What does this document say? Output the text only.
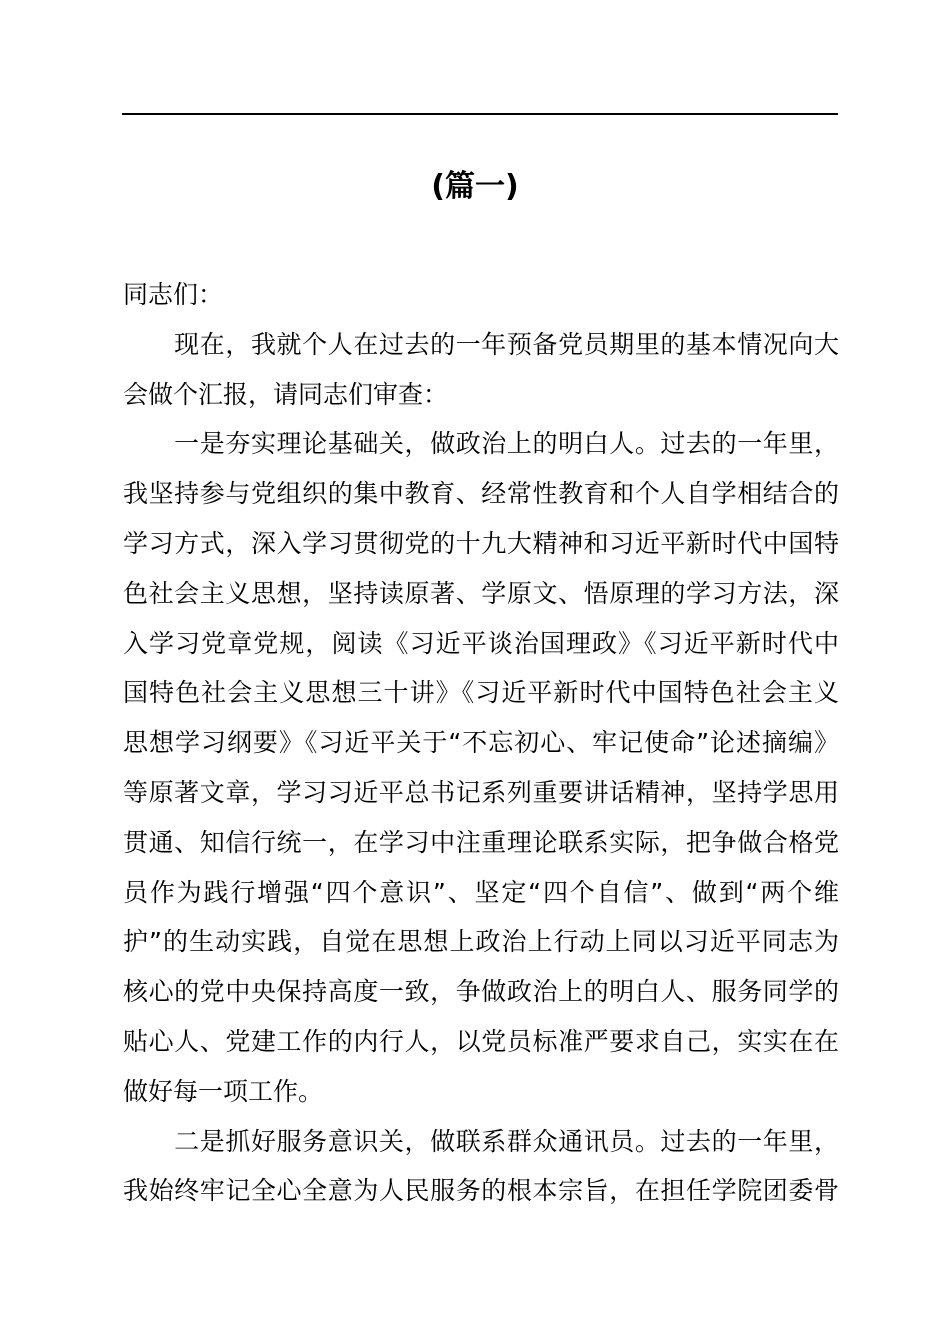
(篇一)
同志们：
　　现在，我就个人在过去的一年预备党员期里的基本情况向大
会做个汇报，请同志们审查：
　　一是夯实理论基础关，做政治上的明白人。过去的一年里，
我坚持参与党组织的集中教育、经常性教育和个人自学相结合的
学习方式，深入学习贯彻党的十九大精神和习近平新时代中国特
色社会主义思想，坚持读原著、学原文、悟原理的学习方法，深
入学习党章党规，阅读《习近平谈治国理政》《习近平新时代中
国特色社会主义思想三十讲》《习近平新时代中国特色社会主义
思想学习纲要》《习近平关于“不忘初心、牢记使命”论述摘编》
等原著文章，学习习近平总书记系列重要讲话精神，坚持学思用
贯通、知信行统一，在学习中注重理论联系实际，把争做合格党
员作为践行增强“四个意识”、坚定“四个自信”、做到“两个维
护”的生动实践，自觉在思想上政治上行动上同以习近平同志为
核心的党中央保持高度一致，争做政治上的明白人、服务同学的
贴心人、党建工作的内行人，以党员标准严要求自己，实实在在
做好每一项工作。
　　二是抓好服务意识关，做联系群众通讯员。过去的一年里，
我始终牢记全心全意为人民服务的根本宗旨，在担任学院团委骨
